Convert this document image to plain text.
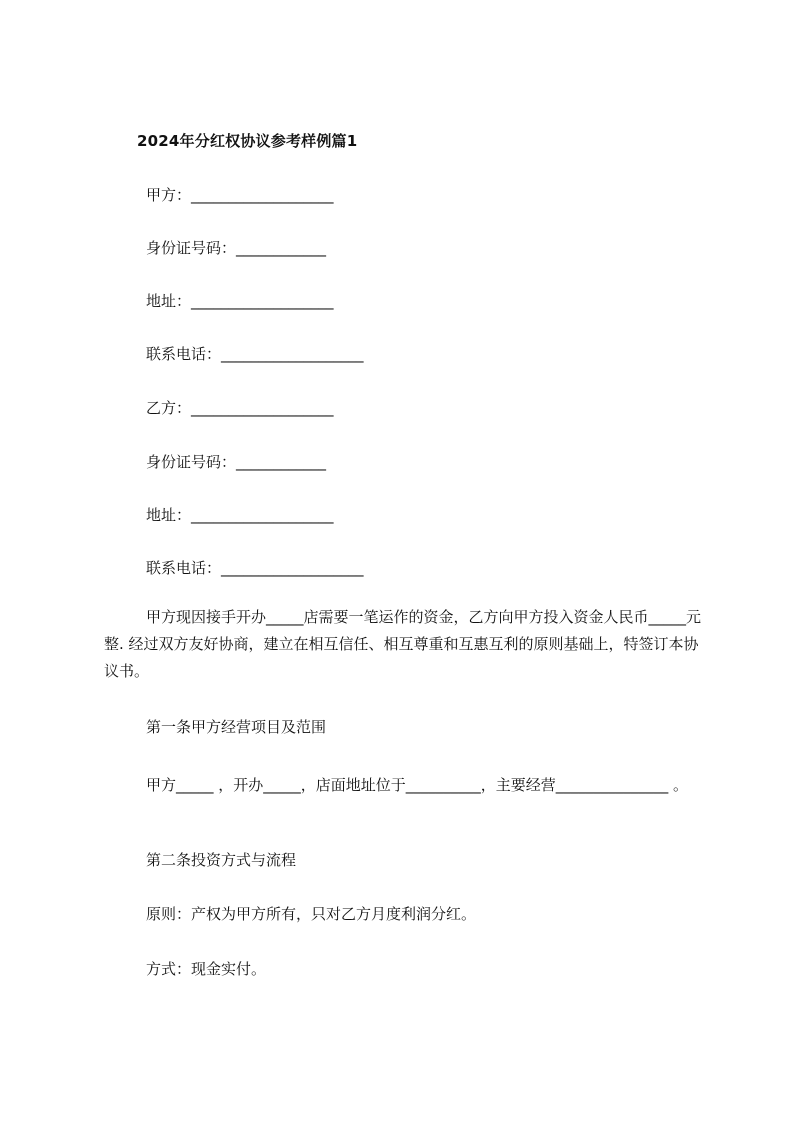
2024年分红权协议参考样例篇1
甲方：___________________
身份证号码：____________
地址：___________________
联系电话：___________________
乙方：___________________
身份证号码：____________
地址：___________________
联系电话：___________________
甲方现因接手开办_____店需要一笔运作的资金，乙方向甲方投入资金人民币_____元整. 经过双方友好协商，建立在相互信任、相互尊重和互惠互利的原则基础上，特签订本协议书。
第一条甲方经营项目及范围
甲方_____ ，开办_____，店面地址位于__________，主要经营_______________ 。
第二条投资方式与流程
原则：产权为甲方所有，只对乙方月度利润分红。
方式：现金实付。
